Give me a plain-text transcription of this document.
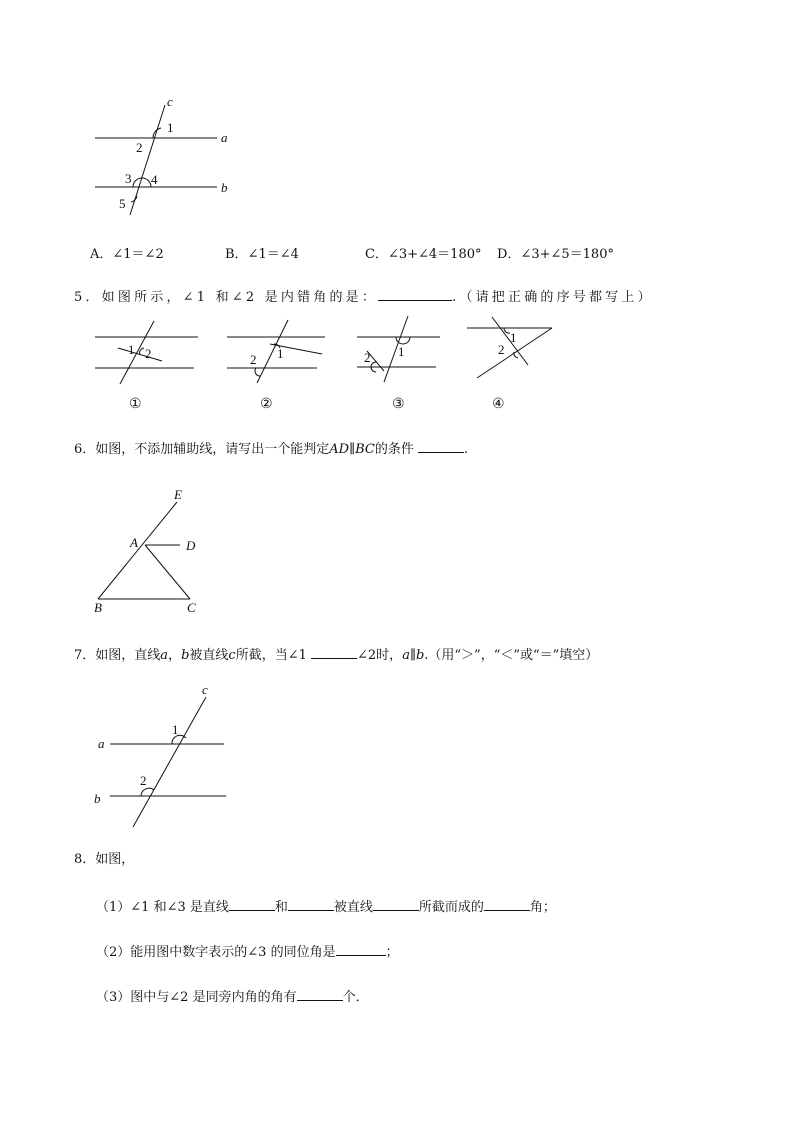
c
a
b
1
2
3 4
5
A．∠1＝∠2	B．∠1＝∠4	C．∠3+∠4＝180° D．∠3+∠5＝180°
5．如图所示，∠1 和∠2 是内错角的是：	.（请把正确的序号都写上）
1 2
①
1
2
②
1
2
③
1
2
④
6．如图，不添加辅助线，请写出一个能判定AD∥BC的条件	.
E
A	D
B	C
7．如图，直线a，b被直线c所截，当∠1	∠2时，a∥b.（用“＞”，“＜”或“＝”填空）
c
a
b
1
2
8．如图，
（1）∠1 和∠3 是直线	和	被直线	所截而成的	角；
（2）能用图中数字表示的∠3 的同位角是	；
（3）图中与∠2 是同旁内角的角有	个．
